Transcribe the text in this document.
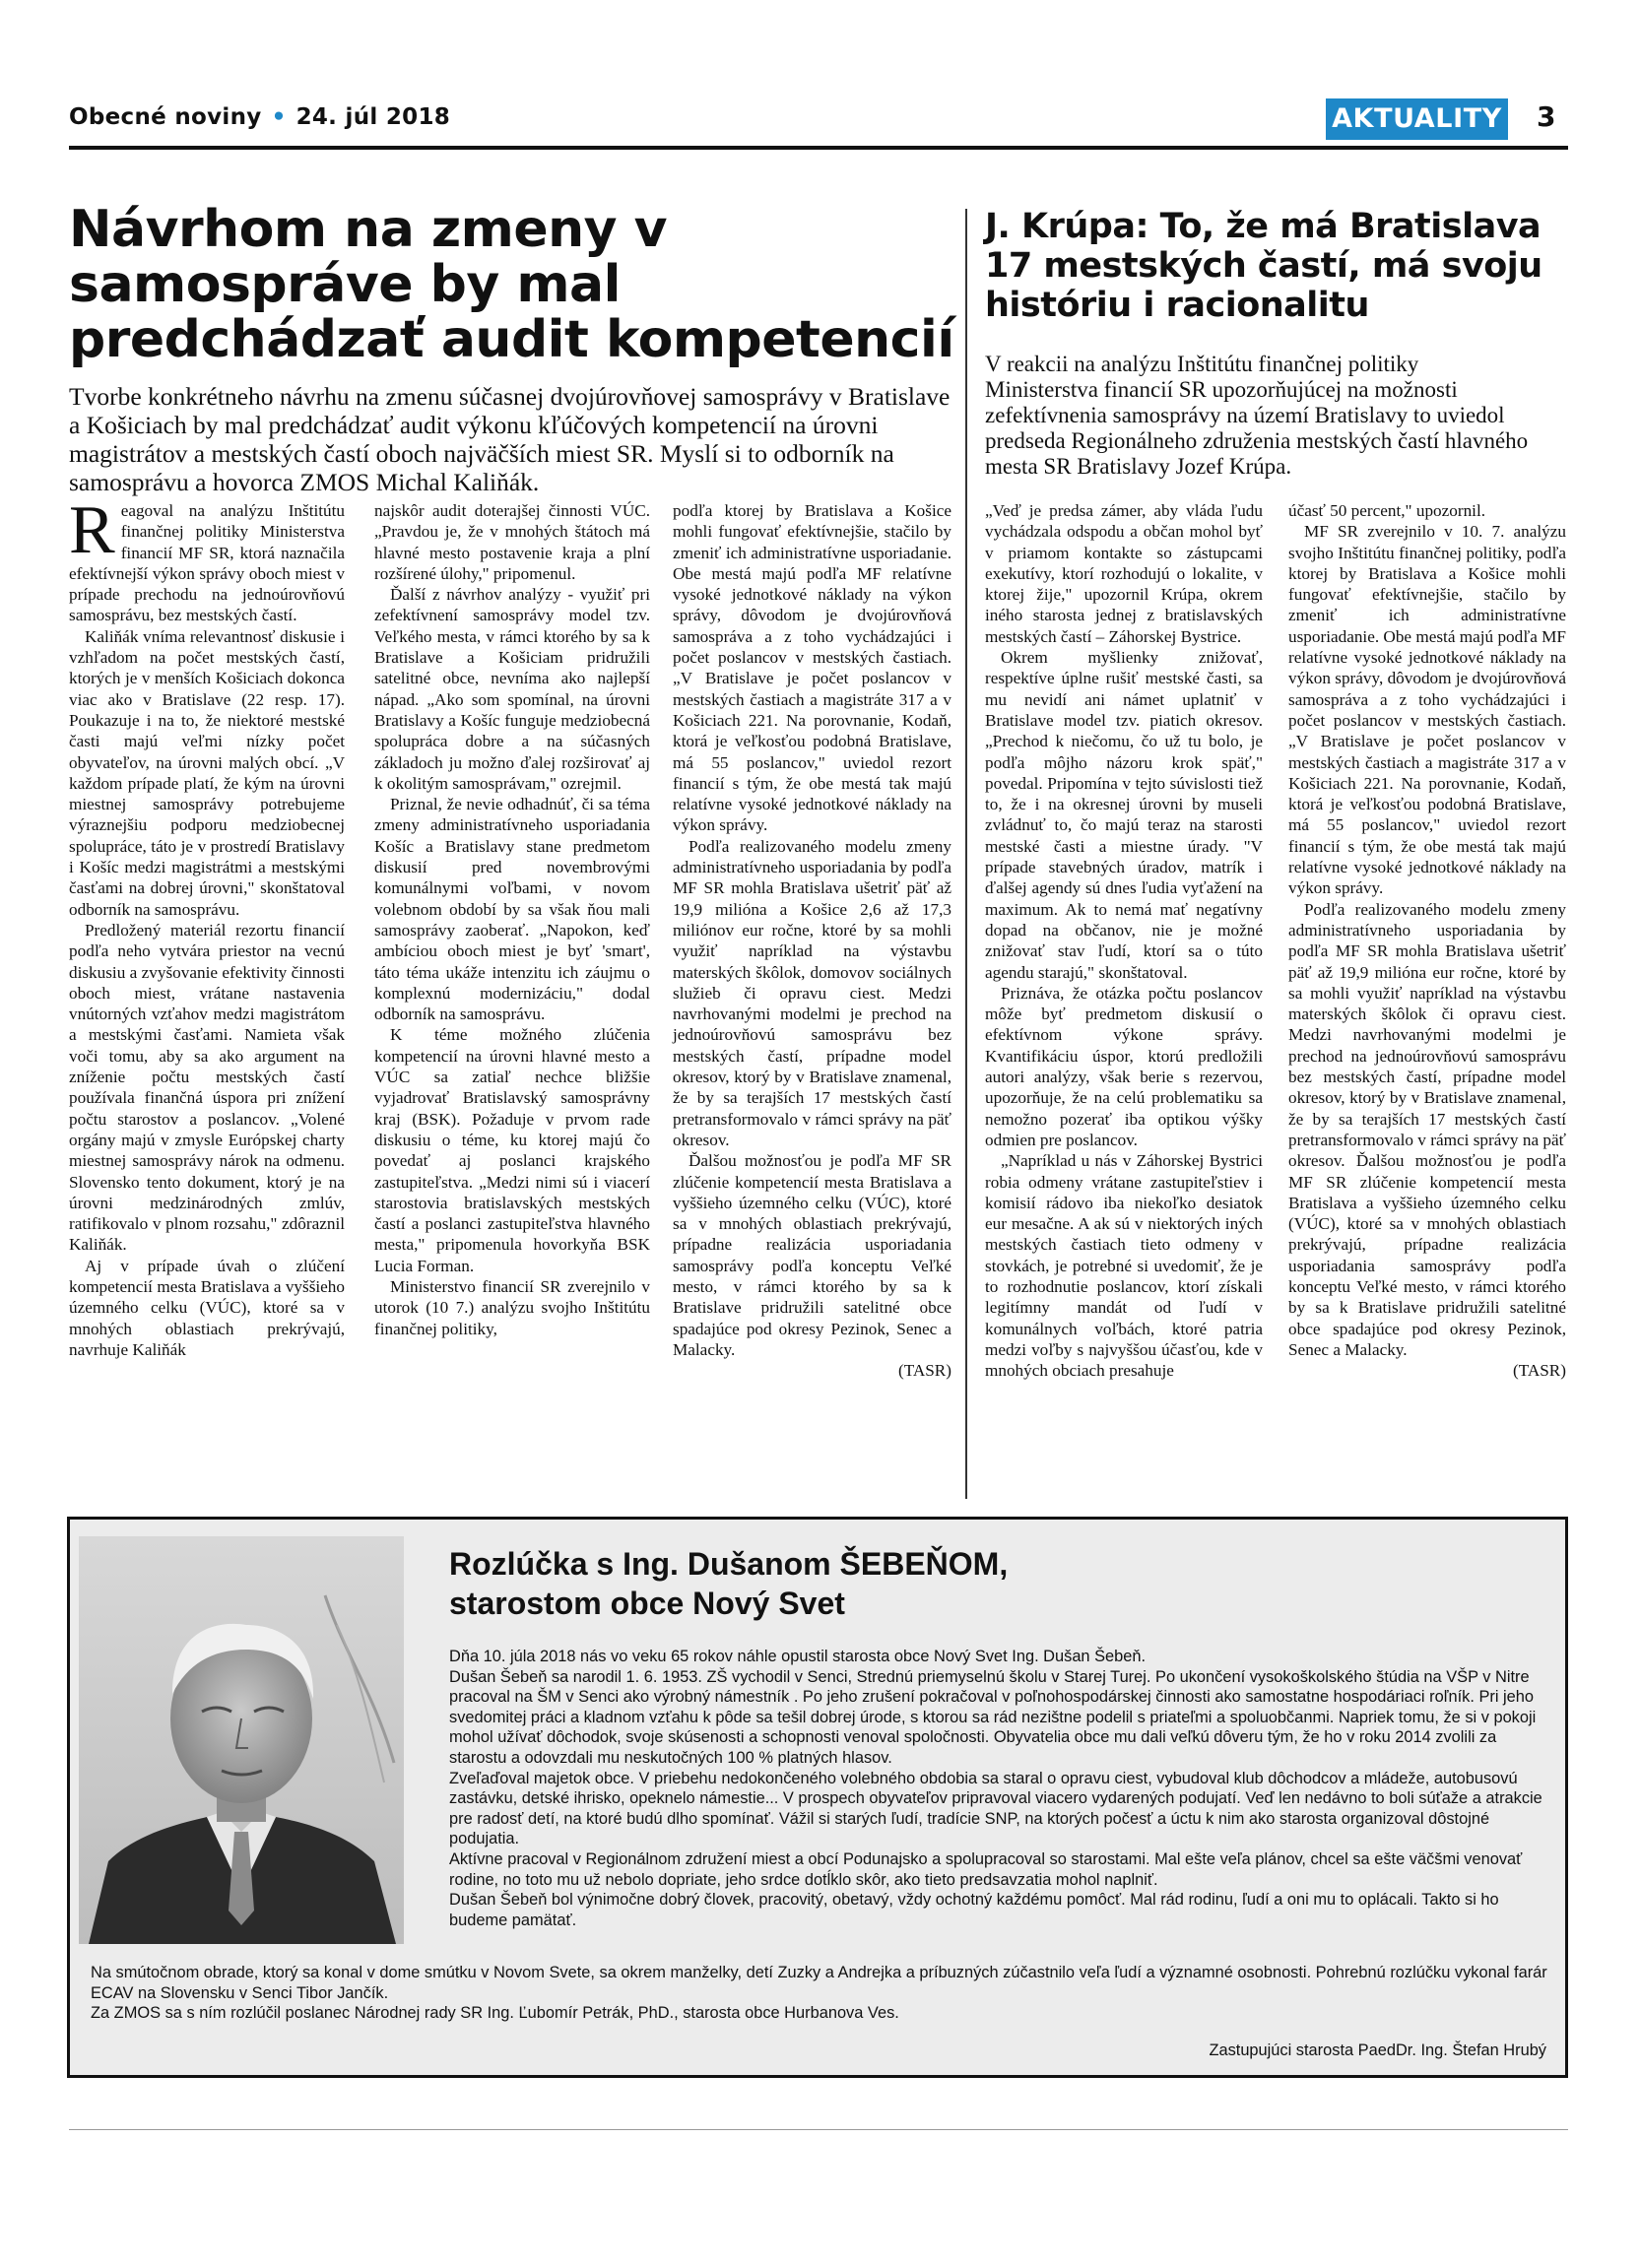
Obecné noviny • 24. júl 2018	AKTUALITY 3
Návrhom na zmeny v samospráve by mal predchádzať audit kompetencií
Tvorbe konkrétneho návrhu na zmenu súčasnej dvojúrovňovej samosprávy v Bratislave a Košiciach by mal predchádzať audit výkonu kľúčových kompetencií na úrovni magistrátov a mestských častí oboch najväčších miest SR. Myslí si to odborník na samosprávu a hovorca ZMOS Michal Kaliňák.

Reagoval na analýzu Inštitútu finančnej politiky Ministerstva financií MF SR, ktorá naznačila efektívnejší výkon správy oboch miest v prípade prechodu na jednoúrovňovú samosprávu, bez mestských častí.

Kaliňák vníma relevantnosť diskusie i vzhľadom na počet mestských častí, ktorých je v menších Košiciach dokonca viac ako v Bratislave (22 resp. 17). Poukazuje i na to, že niektoré mestské časti majú veľmi nízky počet obyvateľov, na úrovni malých obcí. „V každom prípade platí, že kým na úrovni miestnej samosprávy potrebujeme výraznejšiu podporu medziobecnej spolupráce, táto je v prostredí Bratislavy i Košíc medzi magistrátmi a mestskými časťami na dobrej úrovni," skonštatoval odborník na samosprávu.

Predložený materiál rezortu financií podľa neho vytvára priestor na vecnú diskusiu a zvyšovanie efektivity činnosti oboch miest, vrátane nastavenia vnútorných vzťahov medzi magistrátom a mestskými časťami. Namieta však voči tomu, aby sa ako argument na zníženie počtu mestských častí používala finančná úspora pri znížení počtu starostov a poslancov. „Volené orgány majú v zmysle Európskej charty miestnej samosprávy nárok na odmenu. Slovensko tento dokument, ktorý je na úrovni medzinárodných zmlúv, ratifikovalo v plnom rozsahu," zdôraznil Kaliňák.

Aj v prípade úvah o zlúčení kompetencií mesta Bratislava a vyššieho územného celku (VÚC), ktoré sa v mnohých oblastiach prekrývajú, navrhuje Kaliňák

najskôr audit doterajšej činnosti VÚC. „Pravdou je, že v mnohých štátoch má hlavné mesto postavenie kraja a plní rozšírené úlohy," pripomenul.

Ďalší z návrhov analýzy - využiť pri zefektívnení samosprávy model tzv. Veľkého mesta, v rámci ktorého by sa k Bratislave a Košiciam pridružili satelitné obce, nevníma ako najlepší nápad. „Ako som spomínal, na úrovni Bratislavy a Košíc funguje medziobecná spolupráca dobre a na súčasných základoch ju možno ďalej rozširovať aj k okolitým samosprávam," ozrejmil.

Priznal, že nevie odhadnúť, či sa téma zmeny administratívneho usporiadania Košíc a Bratislavy stane predmetom diskusií pred novembrovými komunálnymi voľbami, v novom volebnom období by sa však ňou mali samosprávy zaoberať. „Napokon, keď ambíciou oboch miest je byť 'smart', táto téma ukáže intenzitu ich záujmu o komplexnú modernizáciu," dodal odborník na samosprávu.

K téme možného zlúčenia kompetencií na úrovni hlavné mesto a VÚC sa zatiaľ nechce bližšie vyjadrovať Bratislavský samosprávny kraj (BSK). Požaduje v prvom rade diskusiu o téme, ku ktorej majú čo povedať aj poslanci krajského zastupiteľstva. „Medzi nimi sú i viacerí starostovia bratislavských mestských častí a poslanci zastupiteľstva hlavného mesta," pripomenula hovorkyňa BSK Lucia Forman.

Ministerstvo financií SR zverejnilo v utorok (10 7.) analýzu svojho Inštitútu finančnej politiky,

podľa ktorej by Bratislava a Košice mohli fungovať efektívnejšie, stačilo by zmeniť ich administratívne usporiadanie. Obe mestá majú podľa MF relatívne vysoké jednotkové náklady na výkon správy, dôvodom je dvojúrovňová samospráva a z toho vychádzajúci i počet poslancov v mestských častiach. „V Bratislave je počet poslancov v mestských častiach a magistráte 317 a v Košiciach 221. Na porovnanie, Kodaň, ktorá je veľkosťou podobná Bratislave, má 55 poslancov," uviedol rezort financií s tým, že obe mestá tak majú relatívne vysoké jednotkové náklady na výkon správy.

Podľa realizovaného modelu zmeny administratívneho usporiadania by podľa MF SR mohla Bratislava ušetriť päť až 19,9 milióna a Košice 2,6 až 17,3 miliónov eur ročne, ktoré by sa mohli využiť napríklad na výstavbu materských škôlok, domovov sociálnych služieb či opravu ciest. Medzi navrhovanými modelmi je prechod na jednoúrovňovú samosprávu bez mestských častí, prípadne model okresov, ktorý by v Bratislave znamenal, že by sa terajších 17 mestských častí pretransformovalo v rámci správy na päť okresov.

Ďalšou možnosťou je podľa MF SR zlúčenie kompetencií mesta Bratislava a vyššieho územného celku (VÚC), ktoré sa v mnohých oblastiach prekrývajú, prípadne realizácia usporiadania samosprávy podľa konceptu Veľké mesto, v rámci ktorého by sa k Bratislave pridružili satelitné obce spadajúce pod okresy Pezinok, Senec a Malacky.

(TASR)

J. Krúpa: To, že má Bratislava 17 mestských častí, má svoju históriu i racionalitu
V reakcii na analýzu Inštitútu finančnej politiky Ministerstva financií SR upozorňujúcej na možnosti zefektívnenia samosprávy na území Bratislavy to uviedol predseda Regionálneho združenia mestských častí hlavného mesta SR Bratislavy Jozef Krúpa.

„Veď je predsa zámer, aby vláda ľudu vychádzala odspodu a občan mohol byť v priamom kontakte so zástupcami exekutívy, ktorí rozhodujú o lokalite, v ktorej žije," upozornil Krúpa, okrem iného starosta jednej z bratislavských mestských častí – Záhorskej Bystrice.

Okrem myšlienky znižovať, respektíve úplne rušiť mestské časti, sa mu nevidí ani námet uplatniť v Bratislave model tzv. piatich okresov. „Prechod k niečomu, čo už tu bolo, je podľa môjho názoru krok späť," povedal. Pripomína v tejto súvislosti tiež to, že i na okresnej úrovni by museli zvládnuť to, čo majú teraz na starosti mestské časti a miestne úrady. "V prípade stavebných úradov, matrík i ďalšej agendy sú dnes ľudia vyťažení na maximum. Ak to nemá mať negatívny dopad na občanov, nie je možné znižovať stav ľudí, ktorí sa o túto agendu starajú," skonštatoval.

Priznáva, že otázka počtu poslancov môže byť predmetom diskusií o efektívnom výkone správy. Kvantifikáciu úspor, ktorú predložili autori analýzy, však berie s rezervou, upozorňuje, že na celú problematiku sa nemožno pozerať iba optikou výšky odmien pre poslancov.

„Napríklad u nás v Záhorskej Bystrici robia odmeny vrátane zastupiteľstiev i komisií rádovo iba niekoľko desiatok eur mesačne. A ak sú v niektorých iných mestských častiach tieto odmeny v stovkách, je potrebné si uvedomiť, že je to rozhodnutie poslancov, ktorí získali legitímny mandát od ľudí v komunálnych voľbách, ktoré patria medzi voľby s najvyššou účasťou, kde v mnohých obciach presahuje

účasť 50 percent," upozornil.

MF SR zverejnilo v 10. 7. analýzu svojho Inštitútu finančnej politiky, podľa ktorej by Bratislava a Košice mohli fungovať efektívnejšie, stačilo by zmeniť ich administratívne usporiadanie. Obe mestá majú podľa MF relatívne vysoké jednotkové náklady na výkon správy, dôvodom je dvojúrovňová samospráva a z toho vychádzajúci i počet poslancov v mestských častiach. „V Bratislave je počet poslancov v mestských častiach a magistráte 317 a v Košiciach 221. Na porovnanie, Kodaň, ktorá je veľkosťou podobná Bratislave, má 55 poslancov," uviedol rezort financií s tým, že obe mestá tak majú relatívne vysoké jednotkové náklady na výkon správy.

Podľa realizovaného modelu zmeny administratívneho usporiadania by podľa MF SR mohla Bratislava ušetriť päť až 19,9 milióna eur ročne, ktoré by sa mohli využiť napríklad na výstavbu materských škôlok či opravu ciest. Medzi navrhovanými modelmi je prechod na jednoúrovňovú samosprávu bez mestských častí, prípadne model okresov, ktorý by v Bratislave znamenal, že by sa terajších 17 mestských častí pretransformovalo v rámci správy na päť okresov. Ďalšou možnosťou je podľa MF SR zlúčenie kompetencií mesta Bratislava a vyššieho územného celku (VÚC), ktoré sa v mnohých oblastiach prekrývajú, prípadne realizácia usporiadania samosprávy podľa konceptu Veľké mesto, v rámci ktorého by sa k Bratislave pridružili satelitné obce spadajúce pod okresy Pezinok, Senec a Malacky.

(TASR)

Rozlúčka s Ing. Dušanom ŠEBEŇOM,
starostom obce Nový Svet

Dňa 10. júla 2018 nás vo veku 65 rokov náhle opustil starosta obce Nový Svet Ing. Dušan Šebeň.

Dušan Šebeň sa narodil 1. 6. 1953. ZŠ vychodil v Senci, Strednú priemyselnú školu v Starej Turej. Po ukončení vysokoškolského štúdia na VŠP v Nitre pracoval na ŠM v Senci ako výrobný námestník . Po jeho zrušení pokračoval v poľnohospodárskej činnosti ako samostatne hospodáriaci roľník. Pri jeho svedomitej práci a kladnom vzťahu k pôde sa tešil dobrej úrode, s ktorou sa rád nezištne podelil s priateľmi a spoluobčanmi. Napriek tomu, že si v pokoji mohol užívať dôchodok, svoje skúsenosti a schopnosti venoval spoločnosti. Obyvatelia obce mu dali veľkú dôveru tým, že ho v roku 2014 zvolili za starostu a odovzdali mu neskutočných 100 % platných hlasov.

Zveľaďoval majetok obce. V priebehu nedokončeného volebného obdobia sa staral o opravu ciest, vybudoval klub dôchodcov a mládeže, autobusovú zastávku, detské ihrisko, opeknelo námestie... V prospech obyvateľov pripravoval viacero vydarených podujatí. Veď len nedávno to boli súťaže a atrakcie pre radosť detí, na ktoré budú dlho spomínať. Vážil si starých ľudí, tradície SNP, na ktorých počesť a úctu k nim ako starosta organizoval dôstojné podujatia.

Aktívne pracoval v Regionálnom združení miest a obcí Podunajsko a spolupracoval so starostami. Mal ešte veľa plánov, chcel sa ešte väčšmi venovať rodine, no toto mu už nebolo dopriate, jeho srdce dotĺklo skôr, ako tieto predsavzatia mohol naplniť.

Dušan Šebeň bol výnimočne dobrý človek, pracovitý, obetavý, vždy ochotný každému pomôcť. Mal rád rodinu, ľudí a oni mu to oplácali. Takto si ho budeme pamätať.

Na smútočnom obrade, ktorý sa konal v dome smútku v Novom Svete, sa okrem manželky, detí Zuzky a Andrejka a príbuzných zúčastnilo veľa ľudí a významné osobnosti. Pohrebnú rozlúčku vykonal farár ECAV na Slovensku v Senci Tibor Jančík.

Za ZMOS sa s ním rozlúčil poslanec Národnej rady SR Ing. Ľubomír Petrák, PhD., starosta obce Hurbanova Ves.

Zastupujúci starosta PaedDr. Ing. Štefan Hrubý
